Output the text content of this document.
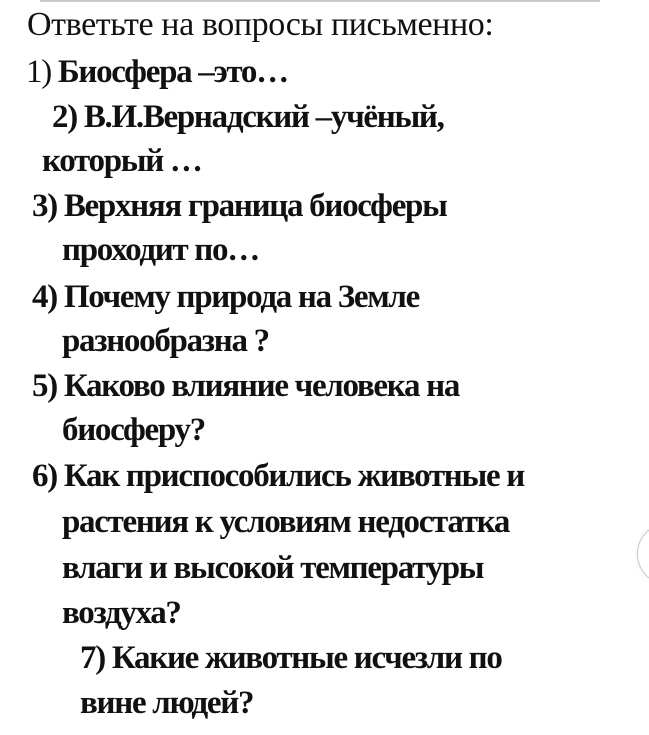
Ответьте на вопросы письменно:
1) Биосфера –это…
2) В.И.Вернадский –учёный,
который …
3) Верхняя граница биосферы
проходит по…
4) Почему природа на Земле
разнообразна ?
5) Каково влияние человека на
биосферу?
6) Как приспособились животные и
растения к условиям недостатка
влаги и высокой температуры
воздуха?
7) Какие животные исчезли по
вине людей?
